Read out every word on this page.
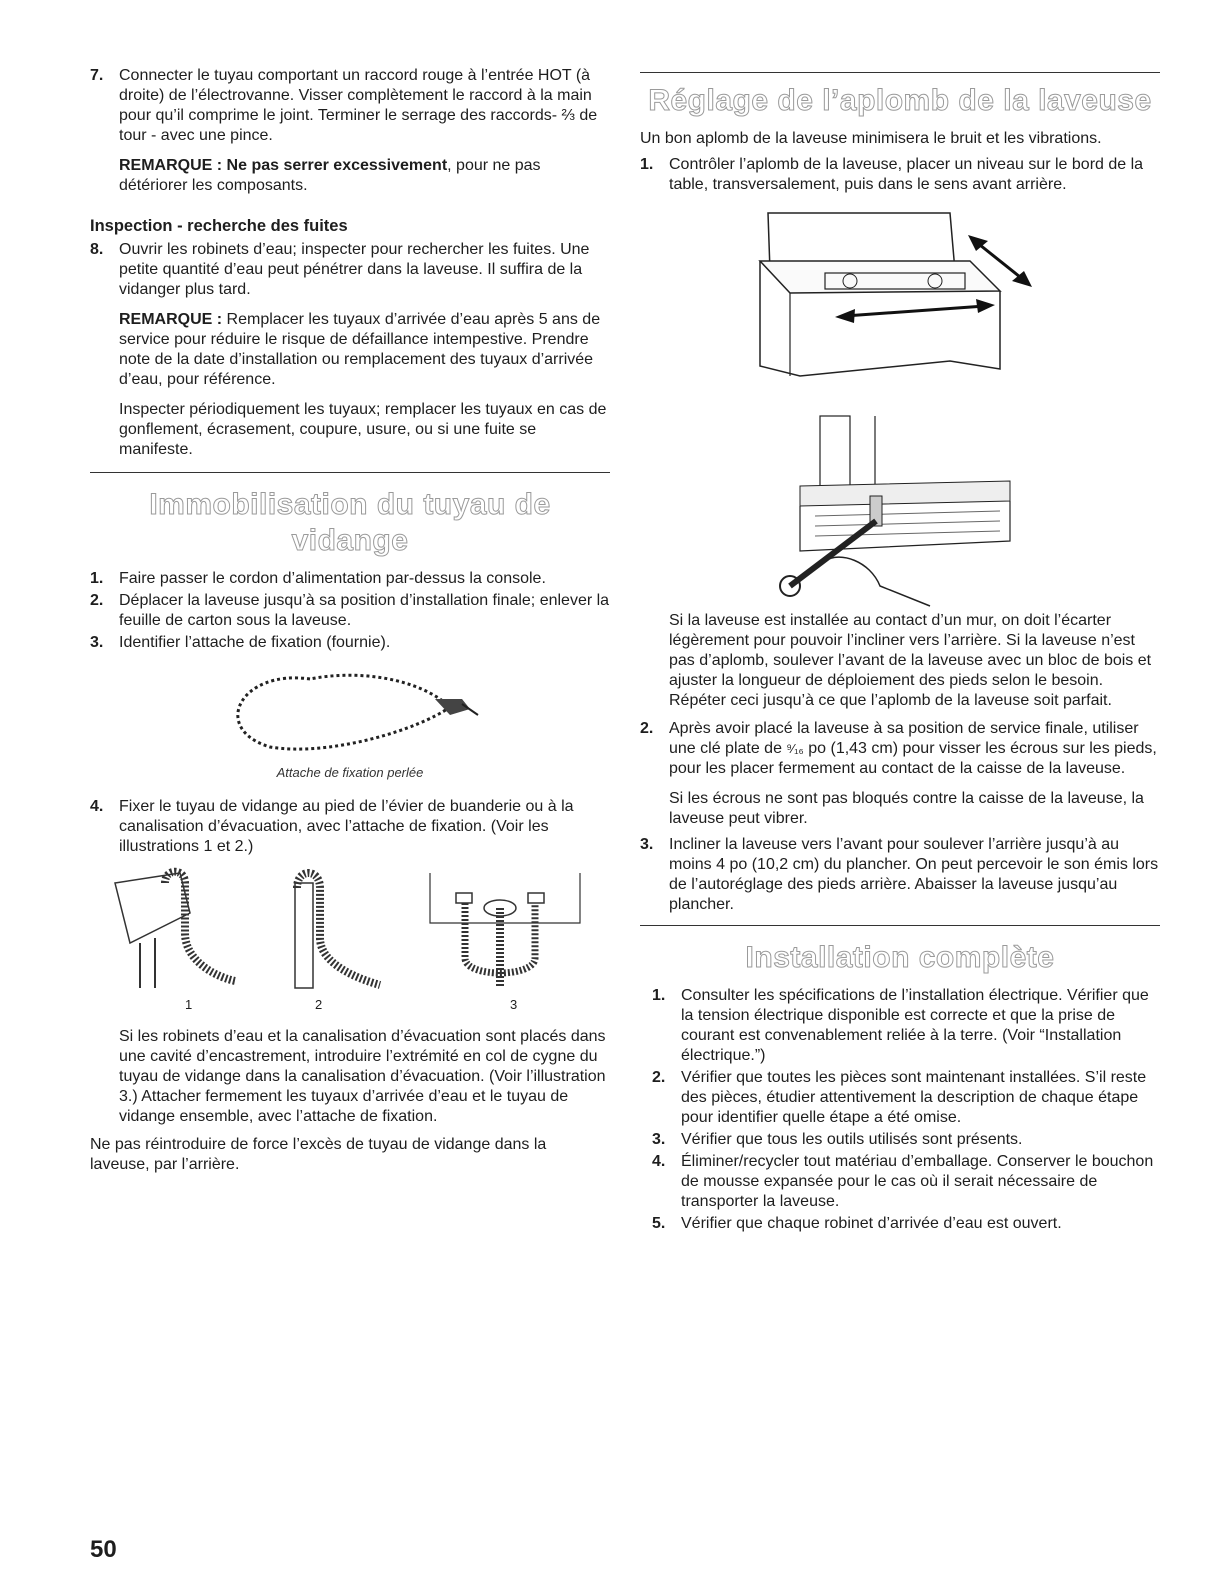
7. Connecter le tuyau comportant un raccord rouge à l’entrée HOT (à droite) de l’électrovanne. Visser complètement le raccord à la main pour qu’il comprime le joint. Terminer le serrage des raccords- ⅔ de tour - avec une pince.

REMARQUE : Ne pas serrer excessivement, pour ne pas détériorer les composants.

Inspection - recherche des fuites
8. Ouvrir les robinets d’eau; inspecter pour rechercher les fuites. Une petite quantité d’eau peut pénétrer dans la laveuse. Il suffira de la vidanger plus tard.

REMARQUE : Remplacer les tuyaux d’arrivée d’eau après 5 ans de service pour réduire le risque de défaillance intempestive. Prendre note de la date d’installation ou remplacement des tuyaux d’arrivée d’eau, pour référence.

Inspecter périodiquement les tuyaux; remplacer les tuyaux en cas de gonflement, écrasement, coupure, usure, ou si une fuite se manifeste.

Immobilisation du tuyau de vidange
1. Faire passer le cordon d’alimentation par-dessus la console.

2. Déplacer la laveuse jusqu’à sa position d’installation finale; enlever la feuille de carton sous la laveuse.

3. Identifier l’attache de fixation (fournie).

Attache de fixation perlée
4. Fixer le tuyau de vidange au pied de l’évier de buanderie ou à la canalisation d’évacuation, avec l’attache de fixation. (Voir les illustrations 1 et 2.)

1	2	3

Si les robinets d’eau et la canalisation d’évacuation sont placés dans une cavité d’encastrement, introduire l’extrémité en col de cygne du tuyau de vidange dans la canalisation d’évacuation. (Voir l’illustration 3.) Attacher fermement les tuyaux d’arrivée d’eau et le tuyau de vidange ensemble, avec l’attache de fixation.

Ne pas réintroduire de force l’excès de tuyau de vidange dans la laveuse, par l’arrière.

Réglage de l’aplomb de la laveuse

Un bon aplomb de la laveuse minimisera le bruit et les vibrations.

1. Contrôler l’aplomb de la laveuse, placer un niveau sur le bord de la table, transversalement, puis dans le sens avant arrière.

Si la laveuse est installée au contact d’un mur, on doit l’écarter légèrement pour pouvoir l’incliner vers l’arrière. Si la laveuse n’est pas d’aplomb, soulever l’avant de la laveuse avec un bloc de bois et ajuster la longueur de déploiement des pieds selon le besoin. Répéter ceci jusqu’à ce que l’aplomb de la laveuse soit parfait.

2. Après avoir placé la laveuse à sa position de service finale, utiliser une clé plate de ⁹⁄₁₆ po (1,43 cm) pour visser les écrous sur les pieds, pour les placer fermement au contact de la caisse de la laveuse.

Si les écrous ne sont pas bloqués contre la caisse de la laveuse, la laveuse peut vibrer.

3. Incliner la laveuse vers l’avant pour soulever l’arrière jusqu’à au moins 4 po (10,2 cm) du plancher. On peut percevoir le son émis lors de l’autoréglage des pieds arrière. Abaisser la laveuse jusqu’au plancher.

Installation complète
1. Consulter les spécifications de l’installation électrique. Vérifier que la tension électrique disponible est correcte et que la prise de courant est convenablement reliée à la terre. (Voir “Installation électrique.”)

2. Vérifier que toutes les pièces sont maintenant installées. S’il reste des pièces, étudier attentivement la description de chaque étape pour identifier quelle étape a été omise.

3. Vérifier que tous les outils utilisés sont présents.

4. Éliminer/recycler tout matériau d’emballage. Conserver le bouchon de mousse expansée pour le cas où il serait nécessaire de transporter la laveuse.

5. Vérifier que chaque robinet d’arrivée d’eau est ouvert.

50
